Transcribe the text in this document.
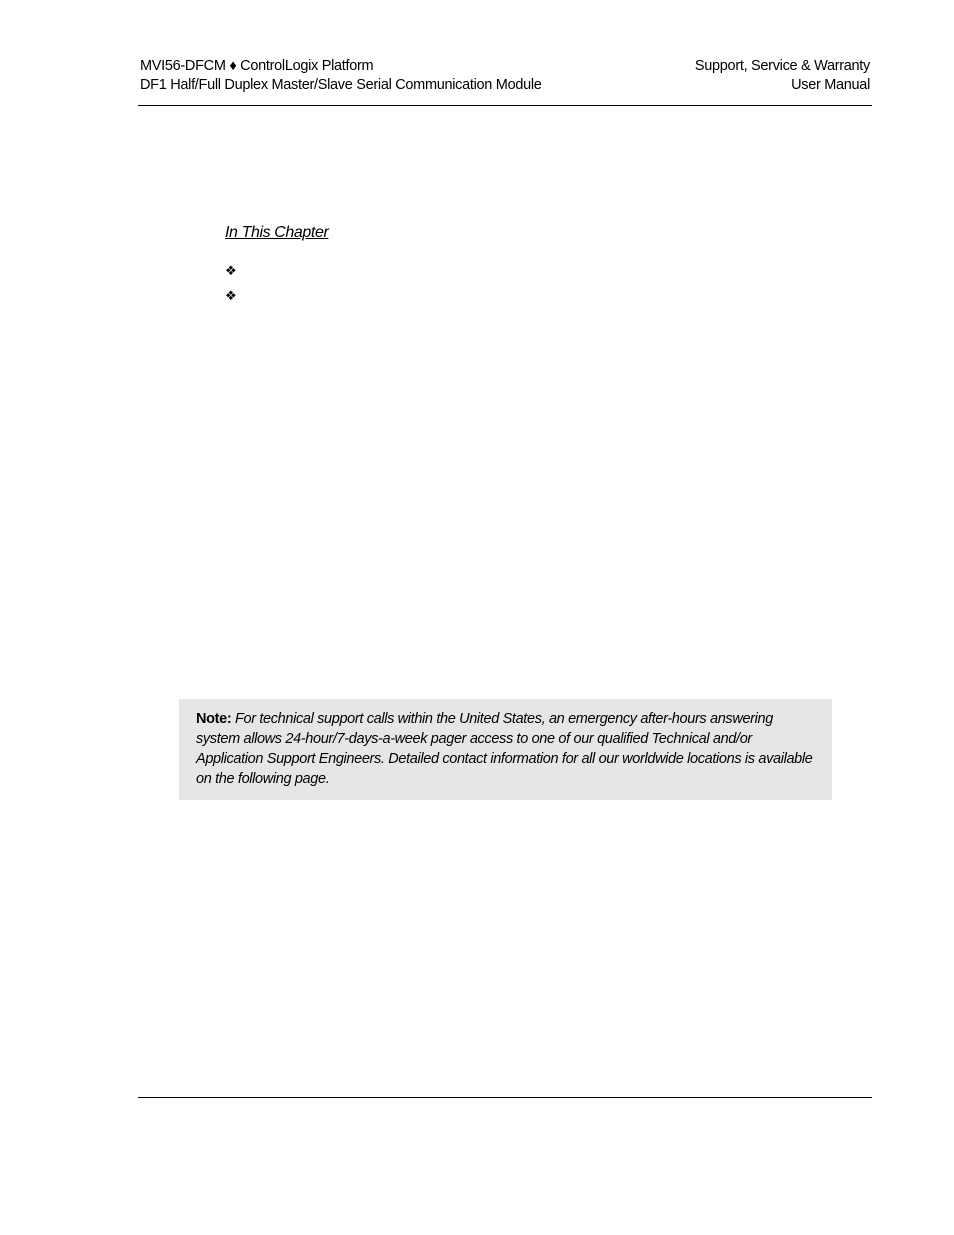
MVI56-DFCM ♦ ControlLogix Platform
DF1 Half/Full Duplex Master/Slave Serial Communication Module
Support, Service & Warranty
User Manual
In This Chapter
❖
❖
Note: For technical support calls within the United States, an emergency after-hours answering system allows 24-hour/7-days-a-week pager access to one of our qualified Technical and/or Application Support Engineers. Detailed contact information for all our worldwide locations is available on the following page.
